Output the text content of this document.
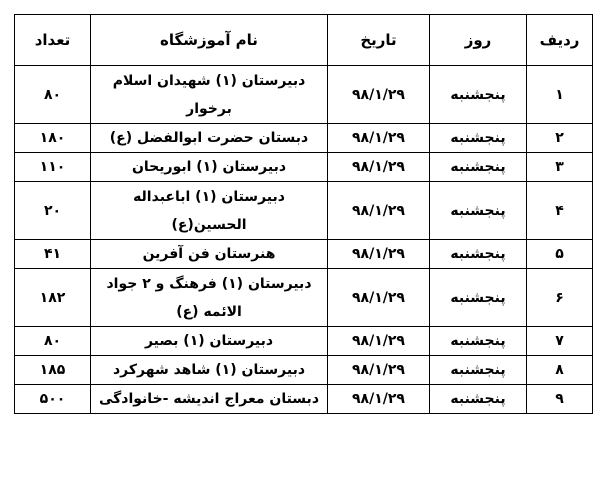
ردیف	روز	تاریخ	نام آموزشگاه	تعداد
۱	پنجشنبه	۹۸/۱/۲۹	دبیرستان (۱) شهیدان اسلام برخوار	۸۰
۲	پنجشنبه	۹۸/۱/۲۹	دبستان حضرت ابوالفضل (ع)	۱۸۰
۳	پنجشنبه	۹۸/۱/۲۹	دبیرستان (۱) ابوریحان	۱۱۰
۴	پنجشنبه	۹۸/۱/۲۹	دبیرستان (۱) اباعبداله الحسین(ع)	۲۰
۵	پنجشنبه	۹۸/۱/۲۹	هنرستان فن آفرین	۴۱
۶	پنجشنبه	۹۸/۱/۲۹	دبیرستان (۱) فرهنگ و ۲ جواد الائمه (ع)	۱۸۲
۷	پنجشنبه	۹۸/۱/۲۹	دبیرستان (۱) بصیر	۸۰
۸	پنجشنبه	۹۸/۱/۲۹	دبیرستان (۱) شاهد شهرکرد	۱۸۵
۹	پنجشنبه	۹۸/۱/۲۹	دبستان معراج اندیشه -خانوادگی	۵۰۰
